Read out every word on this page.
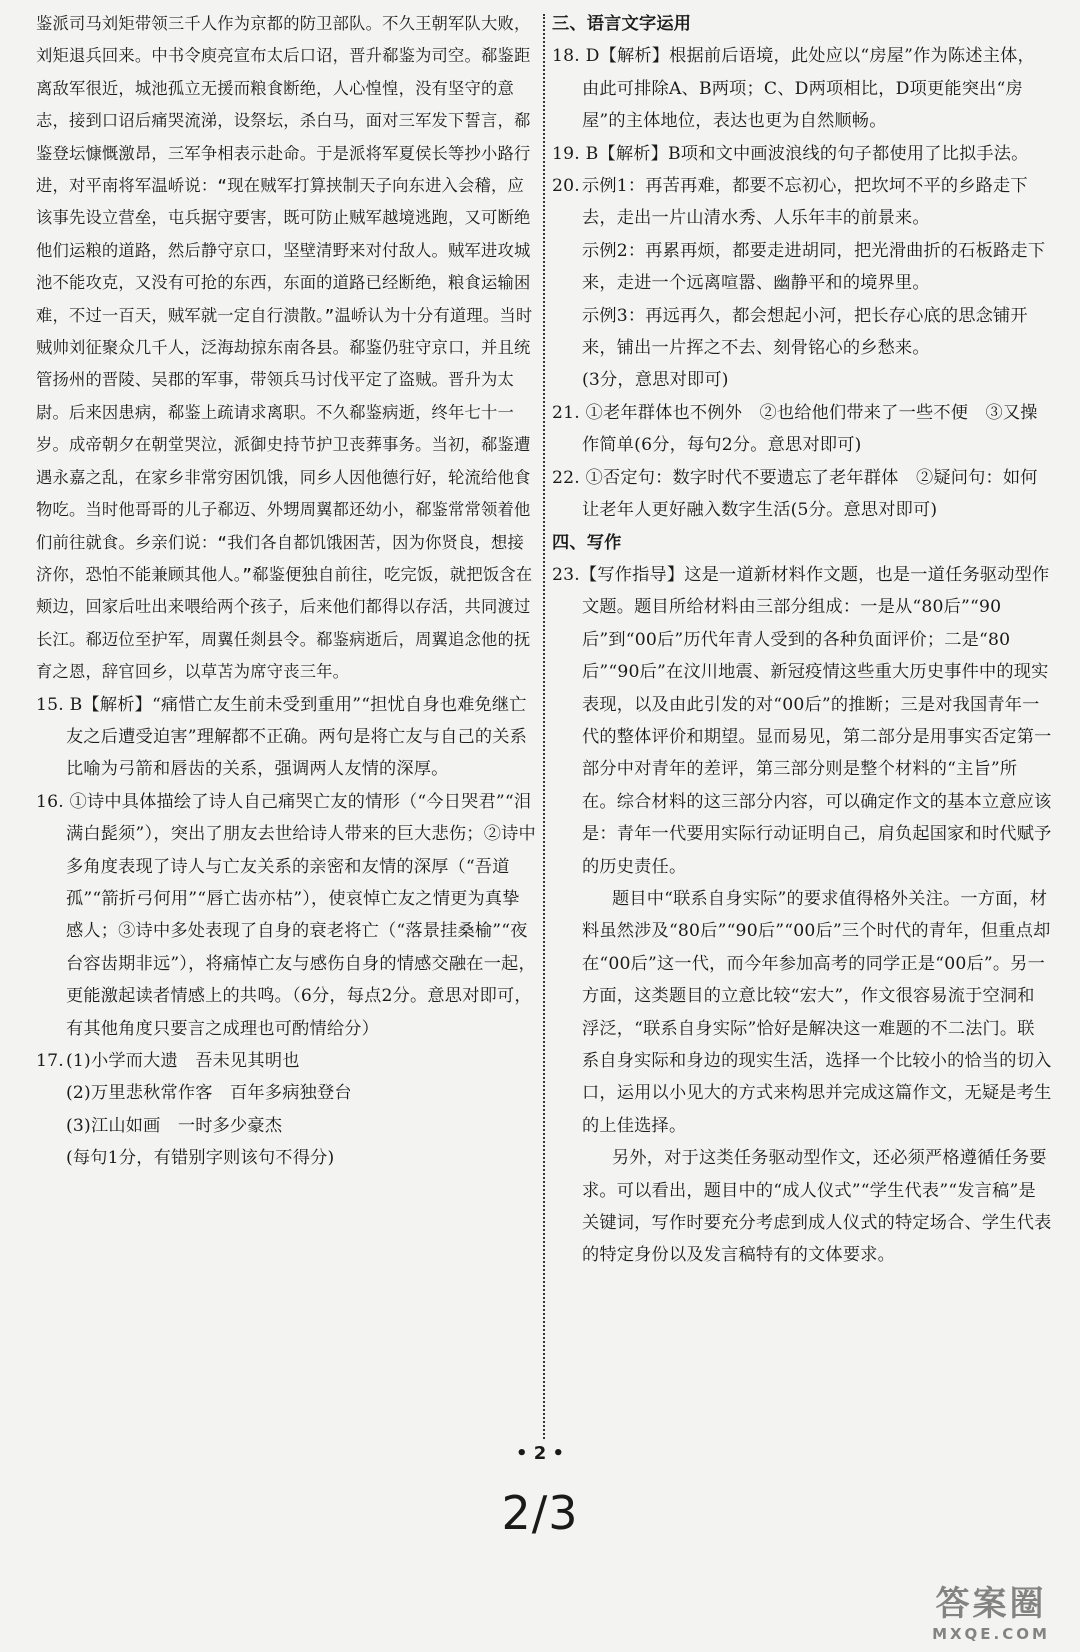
鉴派司马刘矩带领三千人作为京都的防卫部队。不久王朝军队大败，刘矩退兵回来。中书令庾亮宣布太后口诏，晋升郗鉴为司空。郗鉴距离敌军很近，城池孤立无援而粮食断绝，人心惶惶，没有坚守的意志，接到口诏后痛哭流涕，设祭坛，杀白马，面对三军发下誓言，郗鉴登坛慷慨激昂，三军争相表示赴命。于是派将军夏侯长等抄小路行进，对平南将军温峤说：“现在贼军打算挟制天子向东进入会稽，应该事先设立营垒，屯兵据守要害，既可防止贼军越境逃跑，又可断绝他们运粮的道路，然后静守京口，坚壁清野来对付敌人。贼军进攻城池不能攻克，又没有可抢的东西，东面的道路已经断绝，粮食运输困难，不过一百天，贼军就一定自行溃散。”温峤认为十分有道理。当时贼帅刘征聚众几千人，泛海劫掠东南各县。郗鉴仍驻守京口，并且统管扬州的晋陵、吴郡的军事，带领兵马讨伐平定了盗贼。晋升为太尉。后来因患病，郗鉴上疏请求离职。不久郗鉴病逝，终年七十一岁。成帝朝夕在朝堂哭泣，派御史持节护卫丧葬事务。当初，郗鉴遭遇永嘉之乱，在家乡非常穷困饥饿，同乡人因他德行好，轮流给他食物吃。当时他哥哥的儿子郗迈、外甥周翼都还幼小，郗鉴常常领着他们前往就食。乡亲们说：“我们各自都饥饿困苦，因为你贤良，想接济你，恐怕不能兼顾其他人。”郗鉴便独自前往，吃完饭，就把饭含在颊边，回家后吐出来喂给两个孩子，后来他们都得以存活，共同渡过长江。郗迈位至护军，周翼任剡县令。郗鉴病逝后，周翼追念他的抚育之恩，辞官回乡，以草苫为席守丧三年。

15. B【解析】“痛惜亡友生前未受到重用”“担忧自身也难免继亡友之后遭受迫害”理解都不正确。两句是将亡友与自己的关系比喻为弓箭和唇齿的关系，强调两人友情的深厚。

16. ①诗中具体描绘了诗人自己痛哭亡友的情形（“今日哭君”“泪满白髭须”），突出了朋友去世给诗人带来的巨大悲伤；②诗中多角度表现了诗人与亡友关系的亲密和友情的深厚（“吾道孤”“箭折弓何用”“唇亡齿亦枯”），使哀悼亡友之情更为真挚感人；③诗中多处表现了自身的衰老将亡（“落景挂桑榆”“夜台容齿期非远”），将痛悼亡友与感伤自身的情感交融在一起，更能激起读者情感上的共鸣。（6分，每点2分。意思对即可，有其他角度只要言之成理也可酌情给分）

17. (1)小学而大遗　吾未见其明也

(2)万里悲秋常作客　百年多病独登台

(3)江山如画　一时多少豪杰

(每句1分，有错别字则该句不得分)

三、语言文字运用

18. D【解析】根据前后语境，此处应以“房屋”作为陈述主体，由此可排除A、B两项；C、D两项相比，D项更能突出“房屋”的主体地位，表达也更为自然顺畅。

19. B【解析】B项和文中画波浪线的句子都使用了比拟手法。

20. 示例1：再苦再难，都要不忘初心，把坎坷不平的乡路走下去，走出一片山清水秀、人乐年丰的前景来。

示例2：再累再烦，都要走进胡同，把光滑曲折的石板路走下来，走进一个远离喧嚣、幽静平和的境界里。

示例3：再远再久，都会想起小河，把长存心底的思念铺开来，铺出一片挥之不去、刻骨铭心的乡愁来。

(3分，意思对即可)

21. ①老年群体也不例外　②也给他们带来了一些不便　③又操作简单(6分，每句2分。意思对即可)

22. ①否定句：数字时代不要遗忘了老年群体　②疑问句：如何让老年人更好融入数字生活(5分。意思对即可)

四、写作

23.【写作指导】这是一道新材料作文题，也是一道任务驱动型作文题。题目所给材料由三部分组成：一是从“80后”“90后”到“00后”历代年青人受到的各种负面评价；二是“80后”“90后”在汶川地震、新冠疫情这些重大历史事件中的现实表现，以及由此引发的对“00后”的推断；三是对我国青年一代的整体评价和期望。显而易见，第二部分是用事实否定第一部分中对青年的差评，第三部分则是整个材料的“主旨”所在。综合材料的这三部分内容，可以确定作文的基本立意应该是：青年一代要用实际行动证明自己，肩负起国家和时代赋予的历史责任。

题目中“联系自身实际”的要求值得格外关注。一方面，材料虽然涉及“80后”“90后”“00后”三个时代的青年，但重点却在“00后”这一代，而今年参加高考的同学正是“00后”。另一方面，这类题目的立意比较“宏大”，作文很容易流于空洞和浮泛，“联系自身实际”恰好是解决这一难题的不二法门。联系自身实际和身边的现实生活，选择一个比较小的恰当的切入口，运用以小见大的方式来构思并完成这篇作文，无疑是考生的上佳选择。

另外，对于这类任务驱动型作文，还必须严格遵循任务要求。可以看出，题目中的“成人仪式”“学生代表”“发言稿”是关键词，写作时要充分考虑到成人仪式的特定场合、学生代表的特定身份以及发言稿特有的文体要求。

• 2 •
2/3
答案圈
MXQE.COM
